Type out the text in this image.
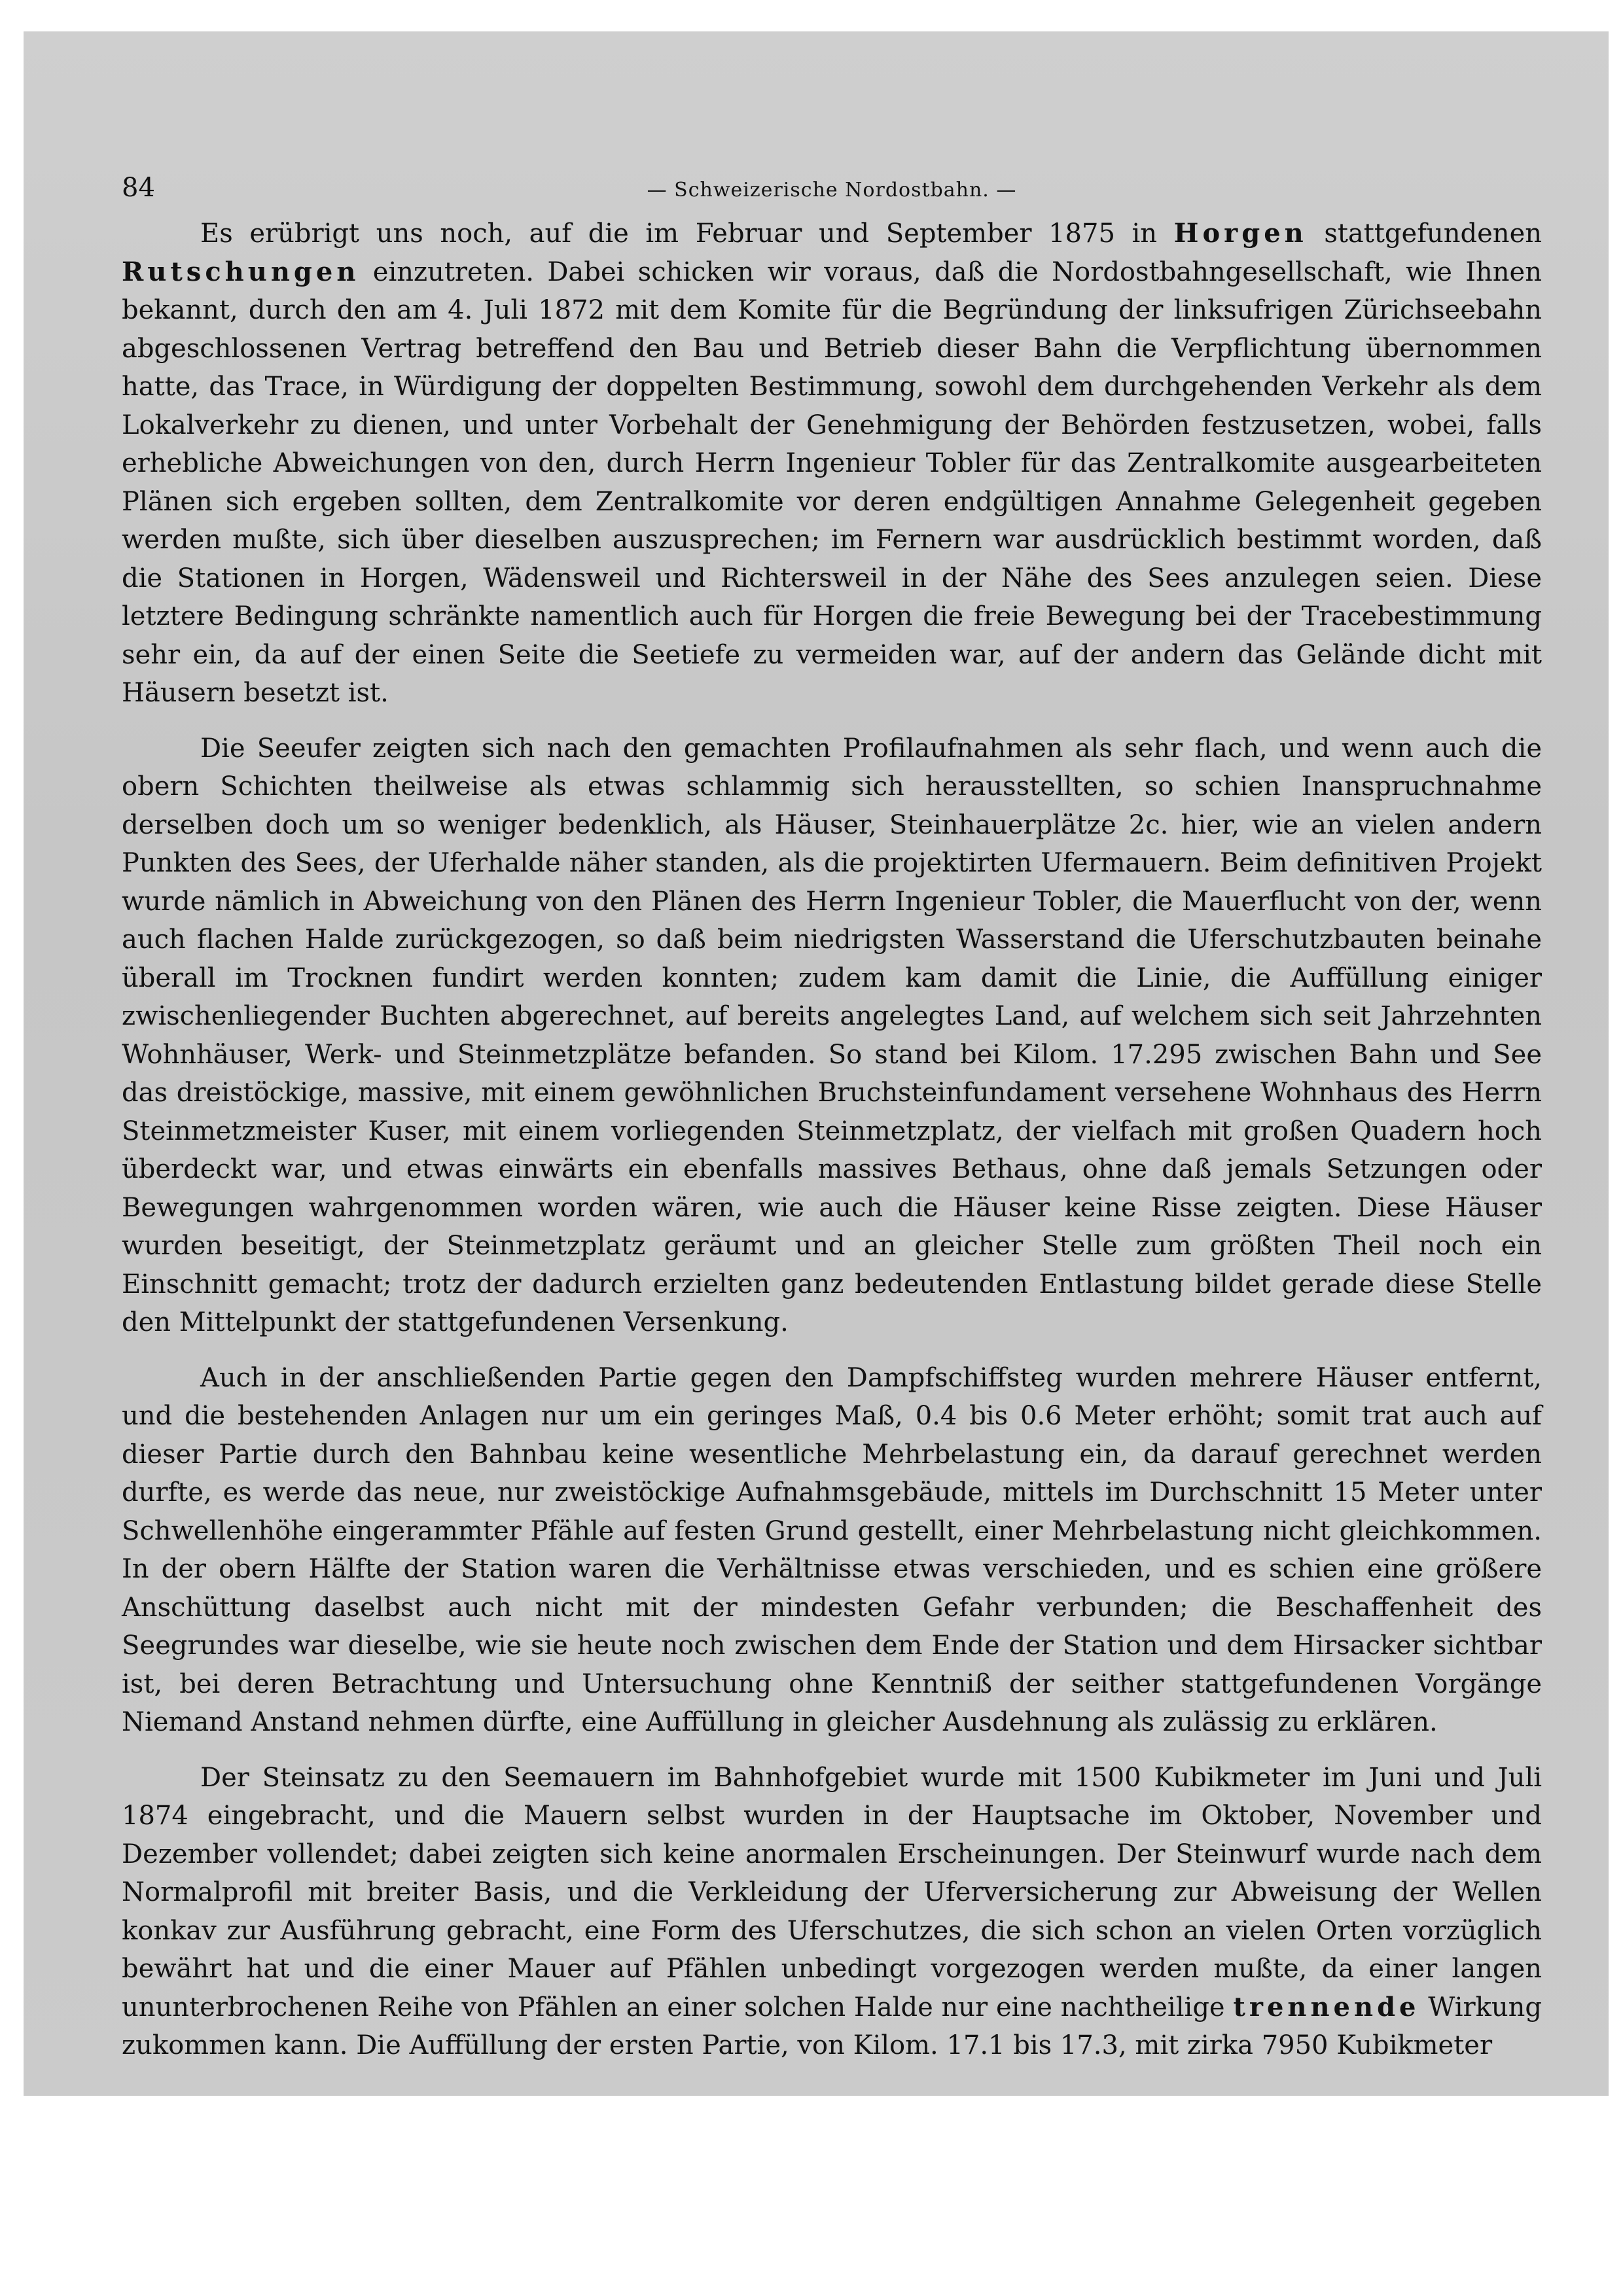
84	— Schweizerische Nordostbahn. —

Es erübrigt uns noch, auf die im Februar und September 1875 in Horgen stattgefundenen Rutschungen einzutreten. Dabei schicken wir voraus, daß die Nordostbahngesellschaft, wie Ihnen bekannt, durch den am 4. Juli 1872 mit dem Komite für die Begründung der linksufrigen Zürichseebahn abgeschlossenen Vertrag betreffend den Bau und Betrieb dieser Bahn die Verpflichtung übernommen hatte, das Trace, in Würdigung der doppelten Bestimmung, sowohl dem durchgehenden Verkehr als dem Lokalverkehr zu dienen, und unter Vorbehalt der Genehmigung der Behörden festzusetzen, wobei, falls erhebliche Abweichungen von den, durch Herrn Ingenieur Tobler für das Zentralkomite ausgearbeiteten Plänen sich ergeben sollten, dem Zentralkomite vor deren endgültigen Annahme Gelegenheit gegeben werden mußte, sich über dieselben auszusprechen; im Fernern war ausdrücklich bestimmt worden, daß die Stationen in Horgen, Wädensweil und Richtersweil in der Nähe des Sees anzulegen seien. Diese letztere Bedingung schränkte namentlich auch für Horgen die freie Bewegung bei der Tracebestimmung sehr ein, da auf der einen Seite die Seetiefe zu vermeiden war, auf der andern das Gelände dicht mit Häusern besetzt ist.

Die Seeufer zeigten sich nach den gemachten Profilaufnahmen als sehr flach, und wenn auch die obern Schichten theilweise als etwas schlammig sich herausstellten, so schien Inanspruchnahme derselben doch um so weniger bedenklich, als Häuser, Steinhauerplätze 2c. hier, wie an vielen andern Punkten des Sees, der Uferhalde näher standen, als die projektirten Ufermauern. Beim definitiven Projekt wurde nämlich in Abweichung von den Plänen des Herrn Ingenieur Tobler, die Mauerflucht von der, wenn auch flachen Halde zurückgezogen, so daß beim niedrigsten Wasserstand die Uferschutzbauten beinahe überall im Trocknen fundirt werden konnten; zudem kam damit die Linie, die Auffüllung einiger zwischenliegender Buchten abgerechnet, auf bereits angelegtes Land, auf welchem sich seit Jahrzehnten Wohnhäuser, Werk- und Steinmetzplätze befanden. So stand bei Kilom. 17.295 zwischen Bahn und See das dreistöckige, massive, mit einem gewöhnlichen Bruchsteinfundament versehene Wohnhaus des Herrn Steinmetzmeister Kuser, mit einem vorliegenden Steinmetzplatz, der vielfach mit großen Quadern hoch überdeckt war, und etwas einwärts ein ebenfalls massives Bethaus, ohne daß jemals Setzungen oder Bewegungen wahrgenommen worden wären, wie auch die Häuser keine Risse zeigten. Diese Häuser wurden beseitigt, der Steinmetzplatz geräumt und an gleicher Stelle zum größten Theil noch ein Einschnitt gemacht; trotz der dadurch erzielten ganz bedeutenden Entlastung bildet gerade diese Stelle den Mittelpunkt der stattgefundenen Versenkung.

Auch in der anschließenden Partie gegen den Dampfschiffsteg wurden mehrere Häuser entfernt, und die bestehenden Anlagen nur um ein geringes Maß, 0.4 bis 0.6 Meter erhöht; somit trat auch auf dieser Partie durch den Bahnbau keine wesentliche Mehrbelastung ein, da darauf gerechnet werden durfte, es werde das neue, nur zweistöckige Aufnahmsgebäude, mittels im Durchschnitt 15 Meter unter Schwellenhöhe eingerammter Pfähle auf festen Grund gestellt, einer Mehrbelastung nicht gleichkommen. In der obern Hälfte der Station waren die Verhältnisse etwas verschieden, und es schien eine größere Anschüttung daselbst auch nicht mit der mindesten Gefahr verbunden; die Beschaffenheit des Seegrundes war dieselbe, wie sie heute noch zwischen dem Ende der Station und dem Hirsacker sichtbar ist, bei deren Betrachtung und Untersuchung ohne Kenntniß der seither stattgefundenen Vorgänge Niemand Anstand nehmen dürfte, eine Auffüllung in gleicher Ausdehnung als zulässig zu erklären.

Der Steinsatz zu den Seemauern im Bahnhofgebiet wurde mit 1500 Kubikmeter im Juni und Juli 1874 eingebracht, und die Mauern selbst wurden in der Hauptsache im Oktober, November und Dezember vollendet; dabei zeigten sich keine anormalen Erscheinungen. Der Steinwurf wurde nach dem Normalprofil mit breiter Basis, und die Verkleidung der Uferversicherung zur Abweisung der Wellen konkav zur Ausführung gebracht, eine Form des Uferschutzes, die sich schon an vielen Orten vorzüglich bewährt hat und die einer Mauer auf Pfählen unbedingt vorgezogen werden mußte, da einer langen ununterbrochenen Reihe von Pfählen an einer solchen Halde nur eine nachtheilige trennende Wirkung zukommen kann. Die Auffüllung der ersten Partie, von Kilom. 17.1 bis 17.3, mit zirka 7950 Kubikmeter
